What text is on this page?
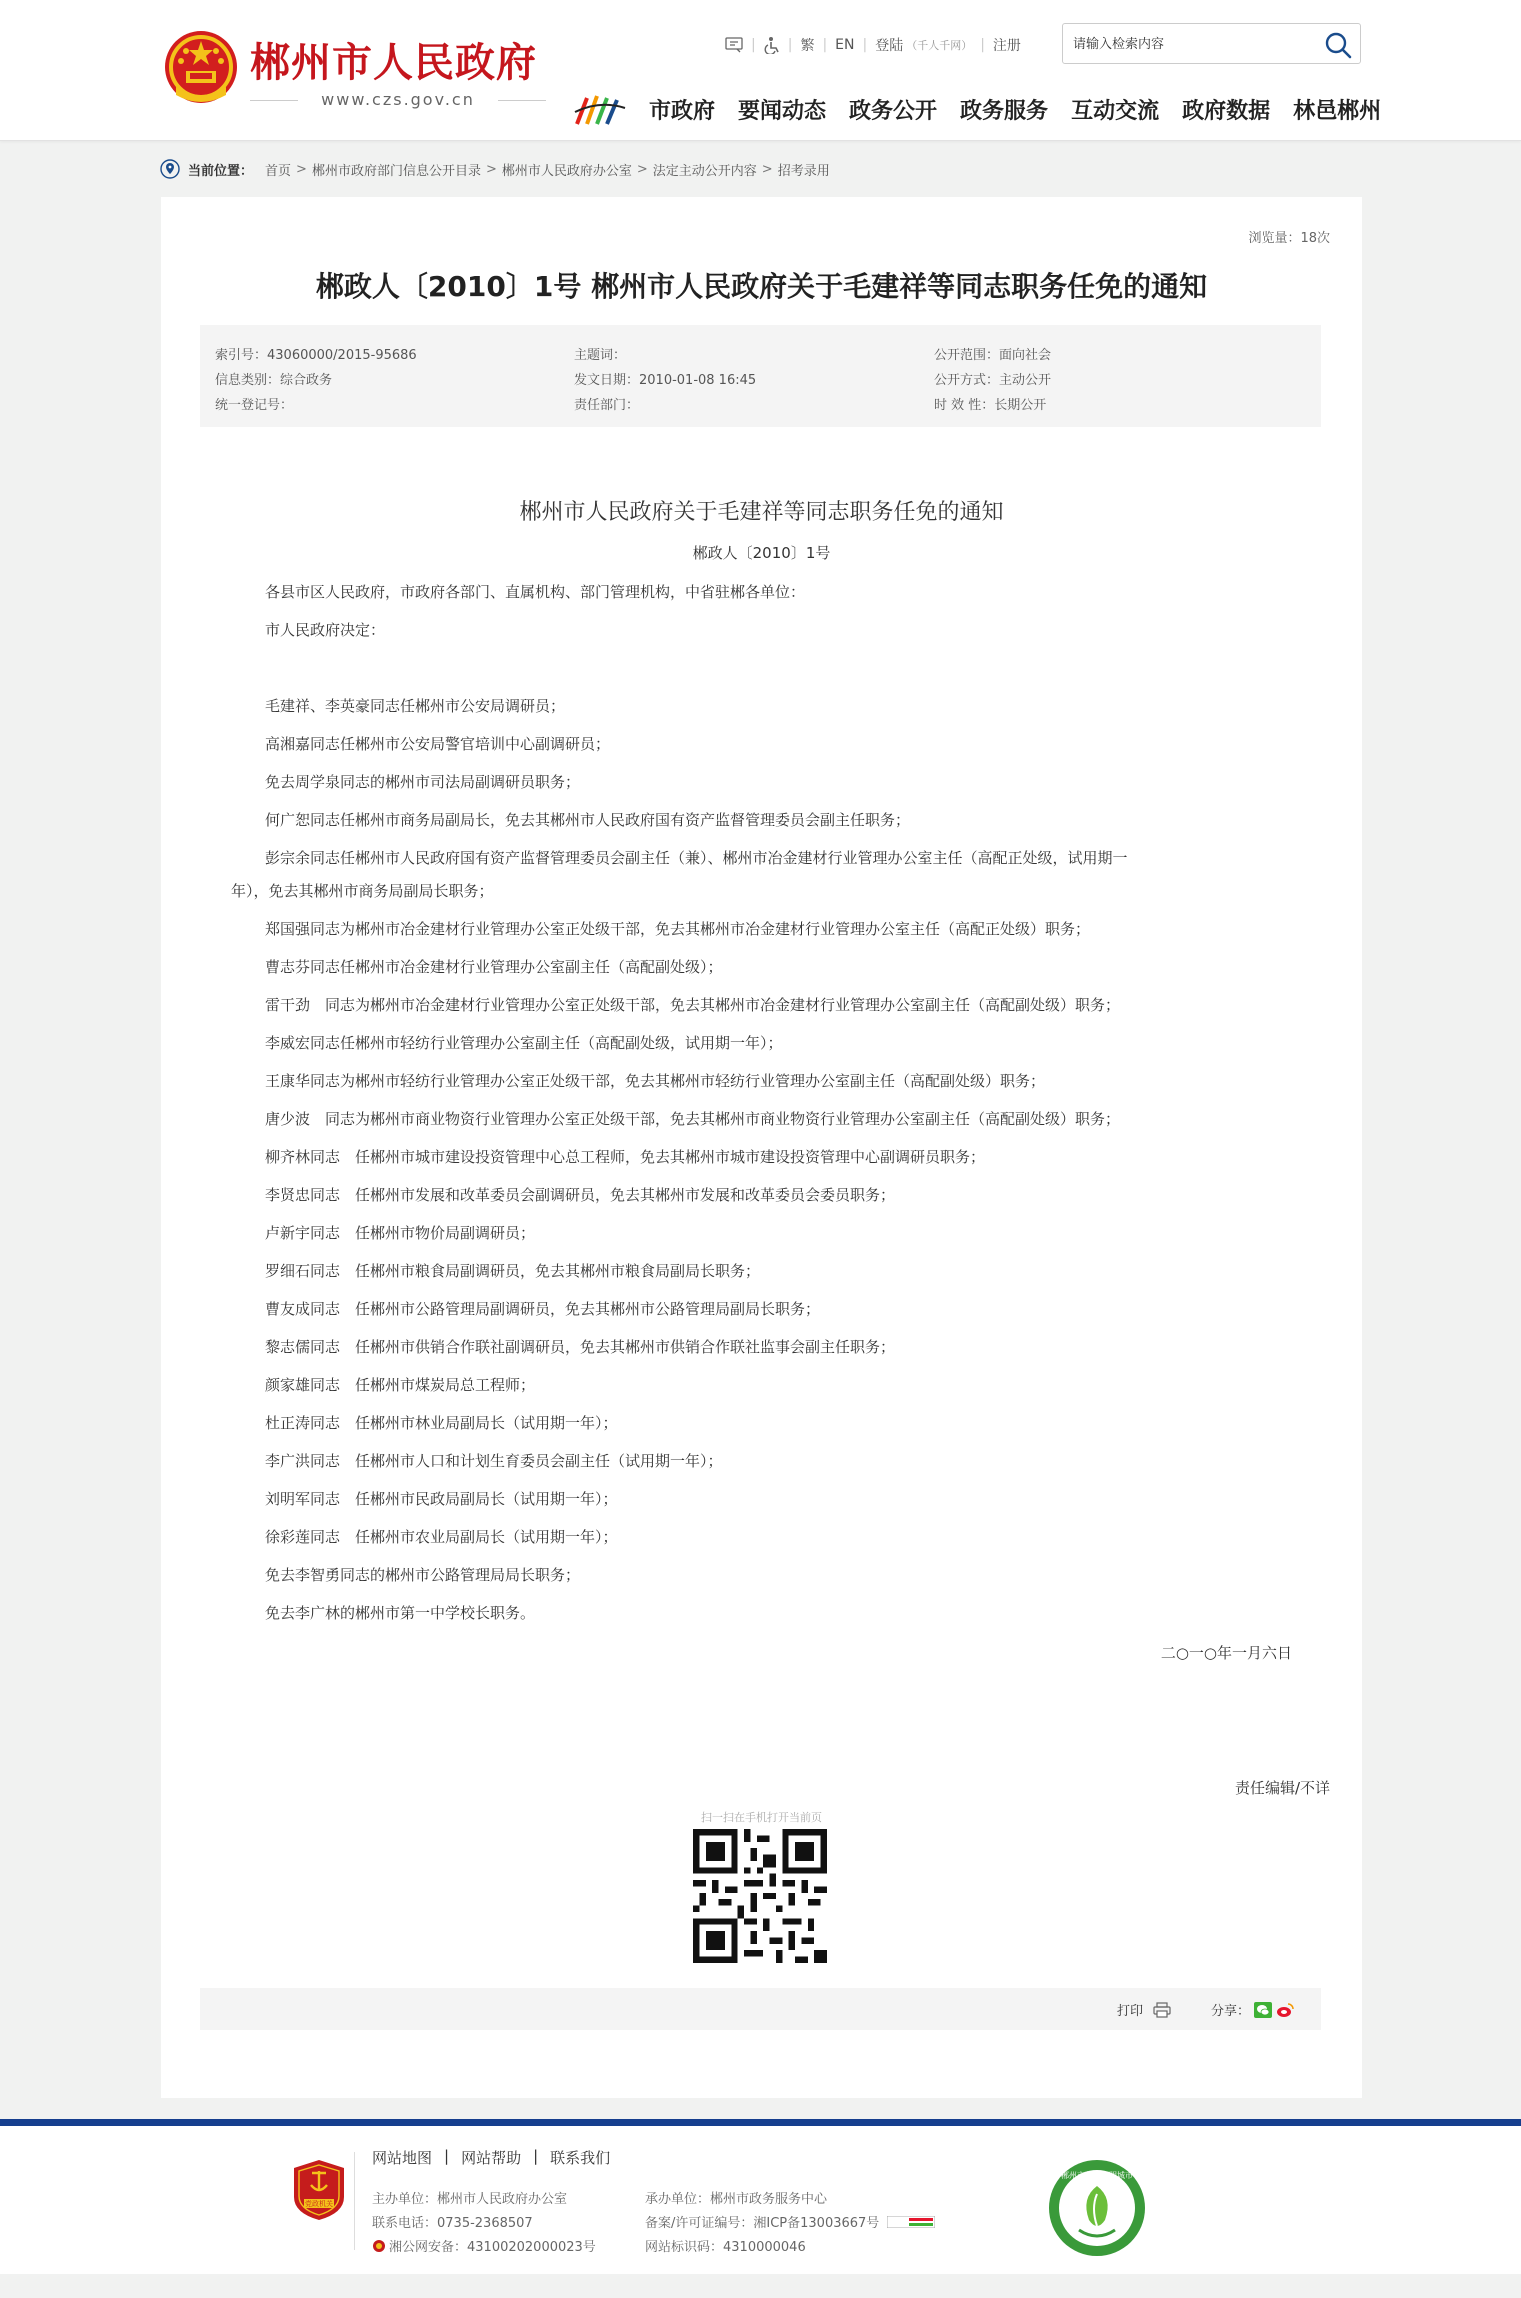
郴州市人民政府
www.czs.gov.cn
| | 繁 | EN | 登陆 （千人千网） | 注册
请输入检索内容
市政府 要闻动态 政务公开 政务服务 互动交流 政府数据 林邑郴州
当前位置： 首页 > 郴州市政府部门信息公开目录 > 郴州市人民政府办公室 > 法定主动公开内容 > 招考录用
浏览量：18次
郴政人〔2010〕1号 郴州市人民政府关于毛建祥等同志职务任免的通知
索引号：43060000/2015-95686	主题词：	公开范围：面向社会
信息类别：综合政务	发文日期：2010-01-08 16:45	公开方式：主动公开
统一登记号：	责任部门：	时 效 性：长期公开
郴州市人民政府关于毛建祥等同志职务任免的通知
郴政人〔2010〕1号

各县市区人民政府，市政府各部门、直属机构、部门管理机构，中省驻郴各单位：

市人民政府决定：

毛建祥、李英豪同志任郴州市公安局调研员；

高湘嘉同志任郴州市公安局警官培训中心副调研员；

免去周学泉同志的郴州市司法局副调研员职务；

何广恕同志任郴州市商务局副局长，免去其郴州市人民政府国有资产监督管理委员会副主任职务；

彭宗余同志任郴州市人民政府国有资产监督管理委员会副主任（兼）、郴州市冶金建材行业管理办公室主任（高配正处级，试用期一

年），免去其郴州市商务局副局长职务；

郑国强同志为郴州市冶金建材行业管理办公室正处级干部，免去其郴州市冶金建材行业管理办公室主任（高配正处级）职务；

曹志芬同志任郴州市冶金建材行业管理办公室副主任（高配副处级）；

雷干劲　同志为郴州市冶金建材行业管理办公室正处级干部，免去其郴州市冶金建材行业管理办公室副主任（高配副处级）职务；

李威宏同志任郴州市轻纺行业管理办公室副主任（高配副处级，试用期一年）；

王康华同志为郴州市轻纺行业管理办公室正处级干部，免去其郴州市轻纺行业管理办公室副主任（高配副处级）职务；

唐少波　同志为郴州市商业物资行业管理办公室正处级干部，免去其郴州市商业物资行业管理办公室副主任（高配副处级）职务；

柳齐林同志　任郴州市城市建设投资管理中心总工程师，免去其郴州市城市建设投资管理中心副调研员职务；

李贤忠同志　任郴州市发展和改革委员会副调研员，免去其郴州市发展和改革委员会委员职务；

卢新宇同志　任郴州市物价局副调研员；

罗细石同志　任郴州市粮食局副调研员，免去其郴州市粮食局副局长职务；

曹友成同志　任郴州市公路管理局副调研员，免去其郴州市公路管理局副局长职务；

黎志儒同志　任郴州市供销合作联社副调研员，免去其郴州市供销合作联社监事会副主任职务；

颜家雄同志　任郴州市煤炭局总工程师；

杜正涛同志　任郴州市林业局副局长（试用期一年）；

李广洪同志　任郴州市人口和计划生育委员会副主任（试用期一年）；

刘明军同志　任郴州市民政局副局长（试用期一年）；

徐彩莲同志　任郴州市农业局副局长（试用期一年）；

免去李智勇同志的郴州市公路管理局局长职务；

免去李广林的郴州市第一中学校长职务。

二○一○年一月六日
责任编辑/不详
扫一扫在手机打开当前页
打印	分享：
党政机关
网站地图 | 网站帮助 | 联系我们
主办单位：郴州市人民政府办公室
联系电话：0735-2368507
湘公网安备：43100202000023号
承办单位：郴州市政务服务中心
备案/许可证编号：湘ICP备13003667号
网站标识码：4310000046
郴州市创建文明城市
